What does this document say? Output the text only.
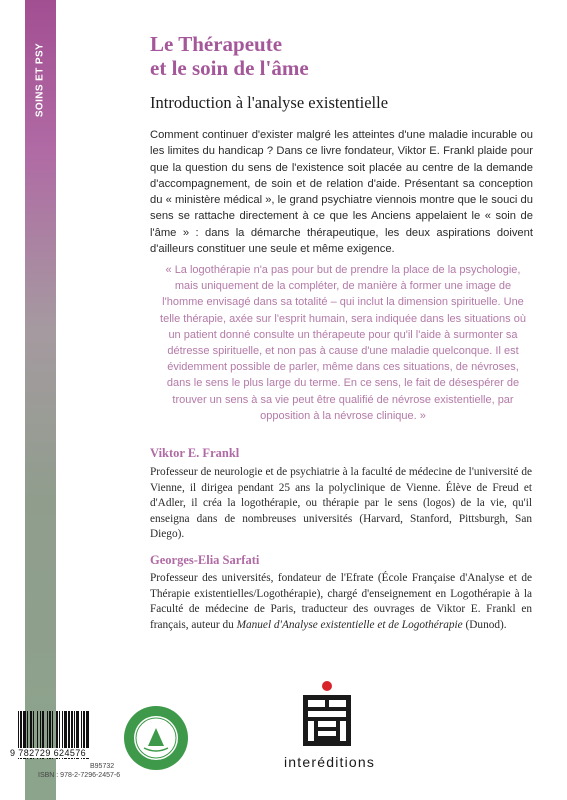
SOINS ET PSY	Le Thérapeute
et le soin de l'âme
Introduction à l'analyse existentielle
Comment continuer d'exister malgré les atteintes d'une maladie incurable ou les limites du handicap ? Dans ce livre fondateur, Viktor E. Frankl plaide pour que la question du sens de l'existence soit placée au centre de la demande d'accompagnement, de soin et de relation d'aide. Présentant sa conception du « ministère médical », le grand psychiatre viennois montre que le souci du sens se rattache directement à ce que les Anciens appelaient le « soin de l'âme » : dans la démarche thérapeutique, les deux aspirations doivent d'ailleurs constituer une seule et même exigence.
« La logothérapie n'a pas pour but de prendre la place de la psychologie, mais uniquement de la compléter, de manière à former une image de l'homme envisagé dans sa totalité – qui inclut la dimension spirituelle. Une telle thérapie, axée sur l'esprit humain, sera indiquée dans les situations où un patient donné consulte un thérapeute pour qu'il l'aide à surmonter sa détresse spirituelle, et non pas à cause d'une maladie quelconque. Il est évidemment possible de parler, même dans ces situations, de névroses, dans le sens le plus large du terme. En ce sens, le fait de désespérer de trouver un sens à sa vie peut être qualifié de névrose existentielle, par opposition à la névrose clinique. »
Viktor E. Frankl
Professeur de neurologie et de psychiatrie à la faculté de médecine de l'université de Vienne, il dirigea pendant 25 ans la polyclinique de Vienne. Élève de Freud et d'Adler, il créa la logothérapie, ou thérapie par le sens (logos) de la vie, qu'il enseigna dans de nombreuses universités (Harvard, Stanford, Pittsburgh, San Diego).
Georges-Elia Sarfati
Professeur des universités, fondateur de l'Efrate (École Française d'Analyse et de Thérapie existentielles/Logothérapie), chargé d'enseignement en Logothérapie à la Faculté de médecine de Paris, traducteur des ouvrages de Viktor E. Frankl en français, auteur du Manuel d'Analyse existentielle et de Logothérapie (Dunod).
9 782729 624576
B95732
ISBN : 978-2-7296-2457-6
interéditions
